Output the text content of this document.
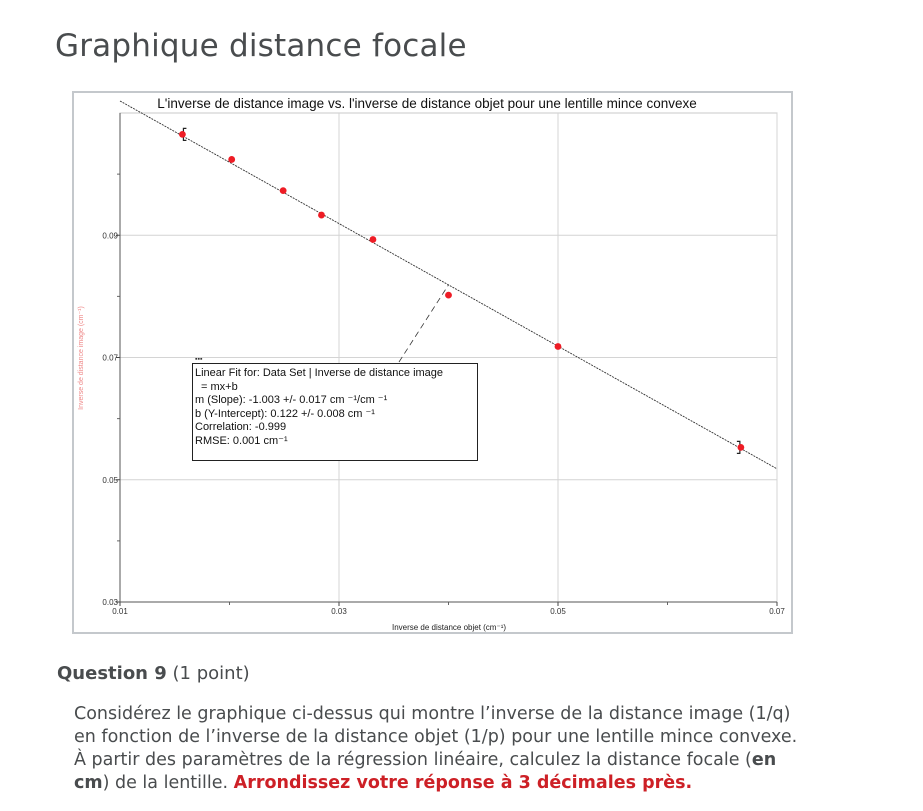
Graphique distance focale
0.01	0.03	0.05	0.07
0.03
0.05
0.07
0.09
L'inverse de distance image vs. l'inverse de distance objet pour une lentille mince convexe
Inverse de distance objet (cm⁻¹)
Inverse de distance image (cm⁻¹)	▪▪▪
Linear Fit for: Data Set | Inverse de distance image
= mx+b
m (Slope): -1.003 +/- 0.017 cm ⁻¹/cm ⁻¹
b (Y-Intercept): 0.122 +/- 0.008 cm ⁻¹
Correlation: -0.999
RMSE: 0.001 cm⁻¹
Question 9 (1 point)
Considérez le graphique ci-dessus qui montre l’inverse de la distance image (1/q) en fonction de l’inverse de la distance objet (1/p) pour une lentille mince convexe. À partir des paramètres de la régression linéaire, calculez la distance focale (en cm) de la lentille. Arrondissez votre réponse à 3 décimales près.
